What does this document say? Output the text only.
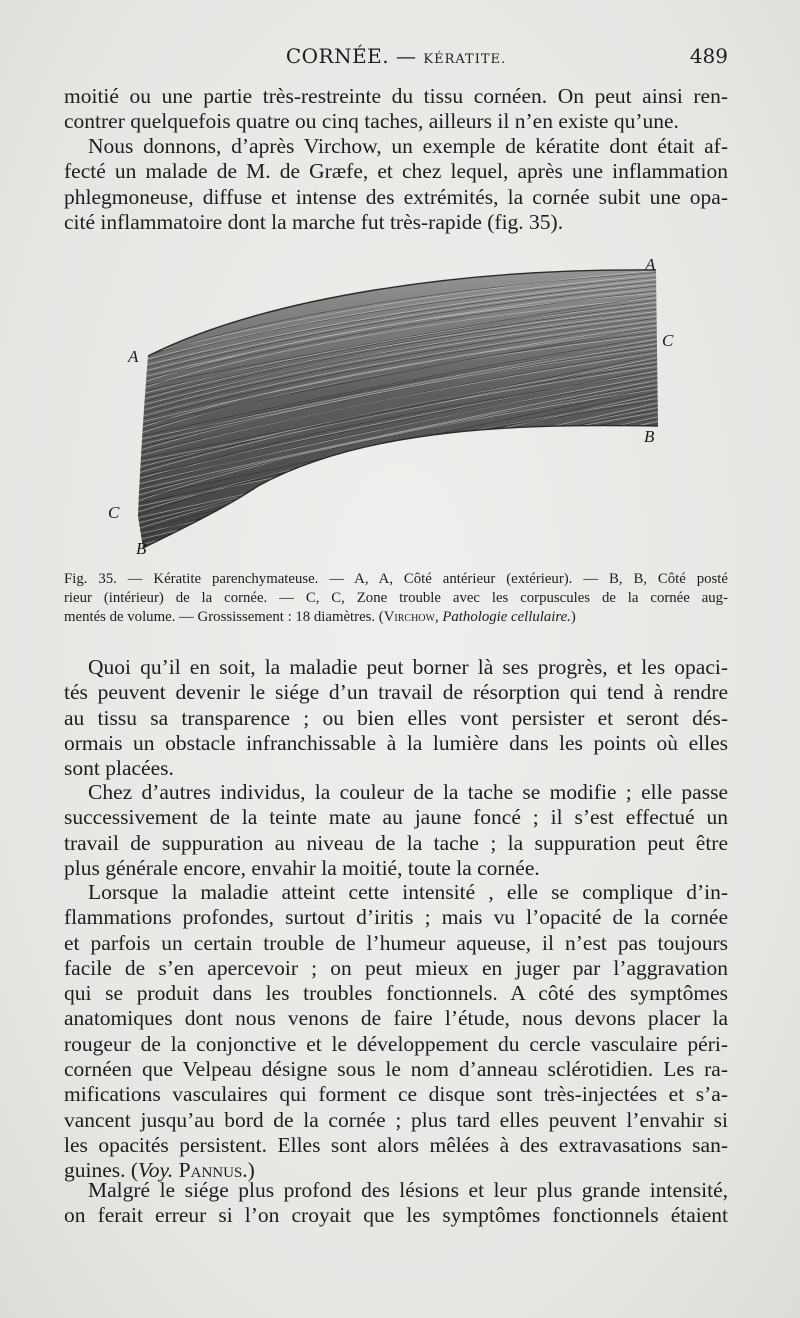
CORNÉE. — KÉRATITE.	489
moitié ou une partie très-restreinte du tissu cornéen. On peut ainsi ren-
contrer quelquefois quatre ou cinq taches, ailleurs il n’en existe qu’une.
Nous donnons, d’après Virchow, un exemple de kératite dont était af-
fecté un malade de M. de Græfe, et chez lequel, après une inflammation
phlegmoneuse, diffuse et intense des extrémités, la cornée subit une opa-
cité inflammatoire dont la marche fut très-rapide (fig. 35).
A
A
C
C
B
B
Fig. 35. — Kératite parenchymateuse. — A, A, Côté antérieur (extérieur). — B, B, Côté posté
rieur (intérieur) de la cornée. — C, C, Zone trouble avec les corpuscules de la cornée aug-
mentés de volume. — Grossissement : 18 diamètres. (Virchow, Pathologie cellulaire.)
Quoi qu’il en soit, la maladie peut borner là ses progrès, et les opaci-
tés peuvent devenir le siége d’un travail de résorption qui tend à rendre
au tissu sa transparence ; ou bien elles vont persister et seront dés-
ormais un obstacle infranchissable à la lumière dans les points où elles
sont placées.
Chez d’autres individus, la couleur de la tache se modifie ; elle passe
successivement de la teinte mate au jaune foncé ; il s’est effectué un
travail de suppuration au niveau de la tache ; la suppuration peut être
plus générale encore, envahir la moitié, toute la cornée.
Lorsque la maladie atteint cette intensité , elle se complique d’in-
flammations profondes, surtout d’iritis ; mais vu l’opacité de la cornée
et parfois un certain trouble de l’humeur aqueuse, il n’est pas toujours
facile de s’en apercevoir ; on peut mieux en juger par l’aggravation
qui se produit dans les troubles fonctionnels. A côté des symptômes
anatomiques dont nous venons de faire l’étude, nous devons placer la
rougeur de la conjonctive et le développement du cercle vasculaire péri-
cornéen que Velpeau désigne sous le nom d’anneau sclérotidien. Les ra-
mifications vasculaires qui forment ce disque sont très-injectées et s’a-
vancent jusqu’au bord de la cornée ; plus tard elles peuvent l’envahir si
les opacités persistent. Elles sont alors mêlées à des extravasations san-
guines. (Voy. Pannus.)
Malgré le siége plus profond des lésions et leur plus grande intensité,
on ferait erreur si l’on croyait que les symptômes fonctionnels étaient
